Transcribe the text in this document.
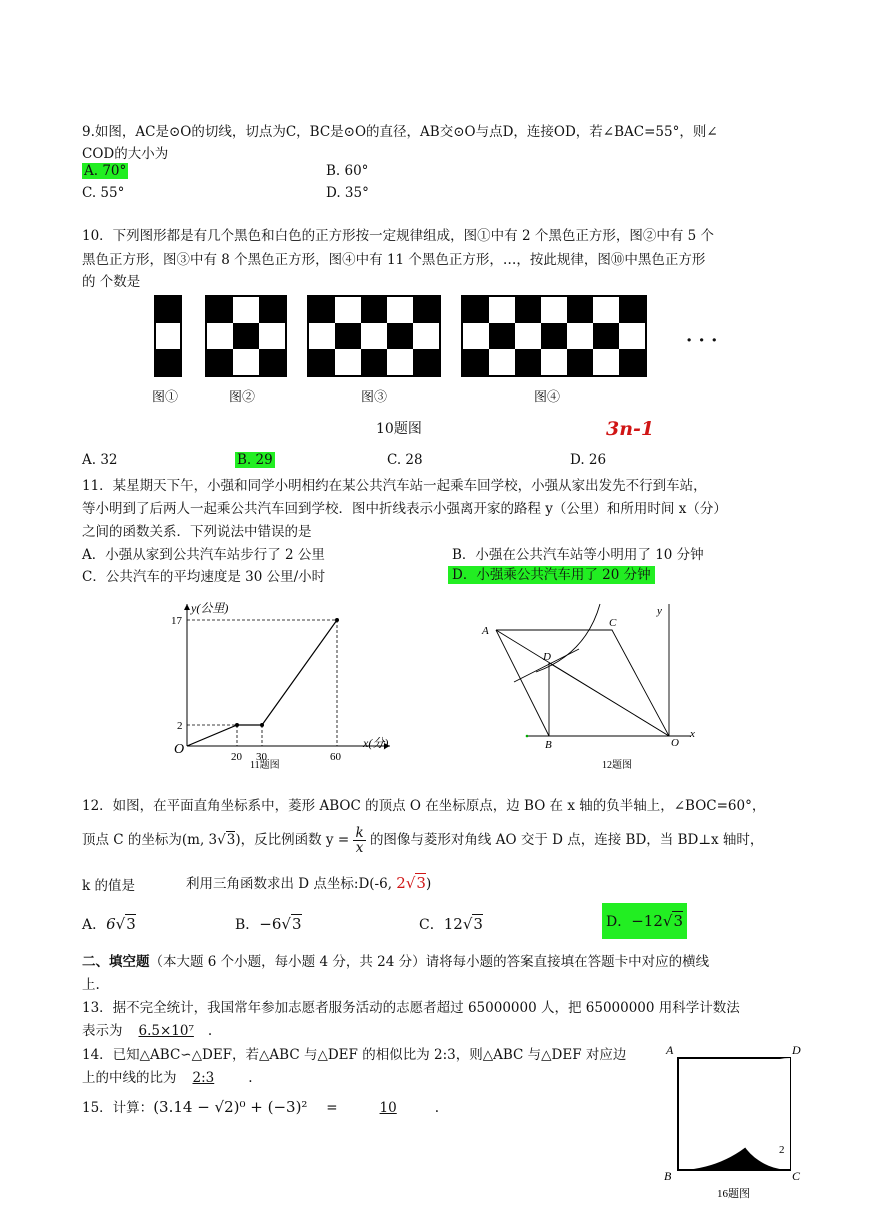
9.如图，AC是⊙O的切线，切点为C，BC是⊙O的直径，AB交⊙O与点D，连接OD，若∠BAC=55°，则∠
COD的大小为
A. 70°	B. 60°
C. 55°	D. 35°
10．下列图形都是有几个黑色和白色的正方形按一定规律组成，图①中有 2 个黑色正方形，图②中有 5 个
黑色正方形，图③中有 8 个黑色正方形，图④中有 11 个黑色正方形，…，按此规律，图⑩中黑色正方形
的 个数是
· · ·
图①	图②	图③	图④
10题图	3n-1
A. 32	B. 29	C. 28	D. 26
11．某星期天下午，小强和同学小明相约在某公共汽车站一起乘车回学校，小强从家出发先不行到车站，
等小明到了后两人一起乘公共汽车回到学校．图中折线表示小强离开家的路程 y（公里）和所用时间 x（分）
之间的函数关系．下列说法中错误的是
A．小强从家到公共汽车站步行了 2 公里	B．小强在公共汽车站等小明用了 10 分钟
C．公共汽车的平均速度是 30 公里/小时	D．小强乘公共汽车用了 20 分钟
y(公里)
x(分)
O
17
2
20 30	60
11题图
A
C
D
B	O
y
x
12题图
12．如图，在平面直角坐标系中，菱形 ABOC 的顶点 O 在坐标原点，边 BO 在 x 轴的负半轴上，∠BOC=60°，
顶点 C 的坐标为(m, 3√3)，反比例函数 $y = \frac{k}{x}$ 的图像与菱形对角线 AO 交于 D 点，连接 BD，当 BD⊥x 轴时，
k 的值是	利用三角函数求出 D 点坐标:D(-6, 2√3)
A．6√3	B．−6√3	C．12√3	D．−12√3
二、填空题（本大题 6 个小题，每小题 4 分，共 24 分）请将每小题的答案直接填在答题卡中对应的横线
上.
13．据不完全统计，我国常年参加志愿者服务活动的志愿者超过 65000000 人，把 65000000 用科学计数法
表示为 6.5×10⁷ .
14．已知△ABC∽△DEF，若△ABC 与△DEF 的相似比为 2:3，则△ABC 与△DEF 对应边
上的中线的比为 2:3	.
15．计算：(3.14 − √2)⁰ + (−3)² =	10	.
A	D
B	C
2
16题图
